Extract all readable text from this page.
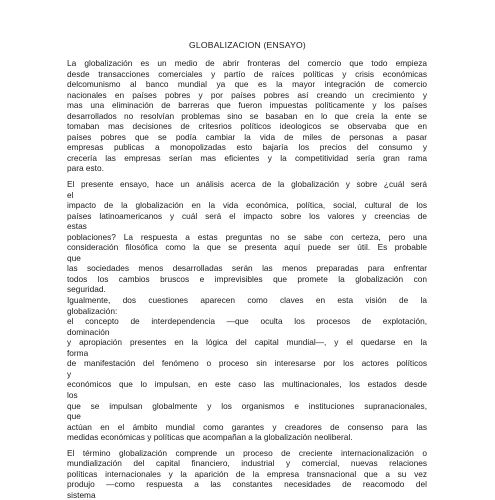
GLOBALIZACION (ENSAYO)
La globalización es un medio de abrir fronteras del comercio que todo empieza
desde transacciones comerciales y partío de raíces políticas y crisis económicas
delcomunismo al banco mundial ya que es la mayor integración de comercio
nacionales en países pobres y por países pobres así creando un crecimiento y
mas una eliminación de barreras que fueron impuestas políticamente y los países
desarrollados no resolvían problemas sino se basaban en lo que creía la ente se
tomaban mas decisiones de critesrios políticos ideologicos se observaba que en
países pobres que se podía cambiar la vida de miles de personas a pasar
empresas publicas a monopolizadas esto bajaría los precios del consumo y
crecería las empresas serían mas eficientes y la competitividad sería gran rama
para esto.
El presente ensayo, hace un análisis acerca de la globalización y sobre ¿cuál será
el
impacto de la globalización en la vida económica, política, social, cultural de los
países latinoamericanos y cuál será el impacto sobre los valores y creencias de
estas
poblaciones? La respuesta a estas preguntas no se sabe con certeza, pero una
consideración filosófica como la que se presenta aquí puede ser útil. Es probable
que
las sociedades menos desarrolladas serán las menos preparadas para enfrentar
todos los cambios bruscos e imprevisibles que promete la globalización con
seguridad.
Igualmente, dos cuestiones aparecen como claves en esta visión de la
globalización:
el concepto de interdependencia —que oculta los procesos de explotación,
dominación
y apropiación presentes en la lógica del capital mundial—, y el quedarse en la
forma
de manifestación del fenómeno o proceso sin interesarse por los actores políticos
y
económicos que lo impulsan, en este caso las multinacionales, los estados desde
los
que se impulsan globalmente y los organismos e instituciones supranacionales,
que
actúan en el ámbito mundial como garantes y creadores de consenso para las
medidas económicas y políticas que acompañan a la globalización neoliberal.
El término globalización comprende un proceso de creciente internacionalización o
mundialización del capital financiero, industrial y comercial, nuevas relaciones
políticas internacionales y la aparición de la empresa transnacional que a su vez
produjo —como respuesta a las constantes necesidades de reacomodo del
sistema
